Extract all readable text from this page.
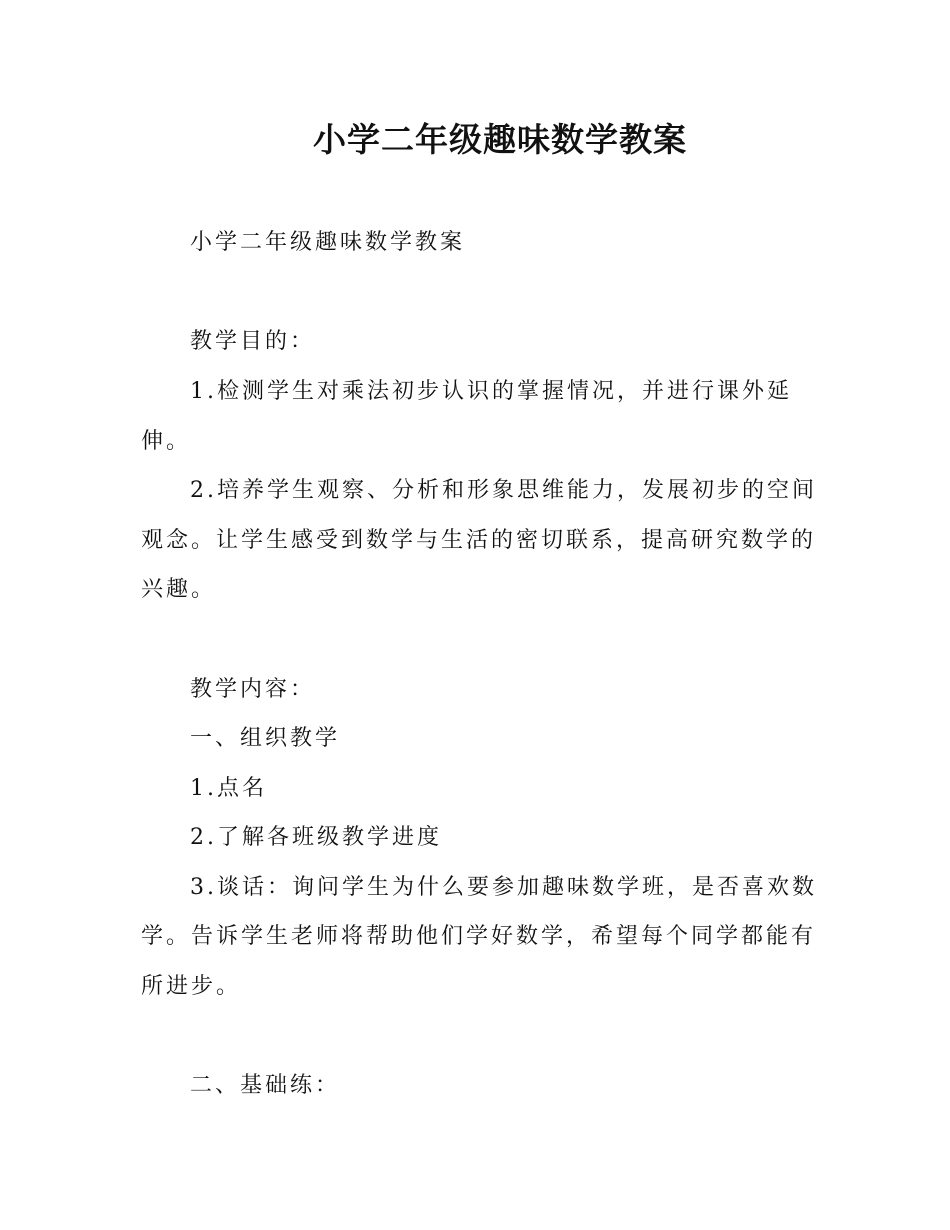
小学二年级趣味数学教案

小学二年级趣味数学教案

教学目的：

1.检测学生对乘法初步认识的掌握情况，并进行课外延

伸。

2.培养学生观察、分析和形象思维能力，发展初步的空间

观念。让学生感受到数学与生活的密切联系，提高研究数学的

兴趣。

教学内容：

一、组织教学

1.点名

2.了解各班级教学进度

3.谈话：询问学生为什么要参加趣味数学班，是否喜欢数

学。告诉学生老师将帮助他们学好数学，希望每个同学都能有

所进步。

二、基础练：
